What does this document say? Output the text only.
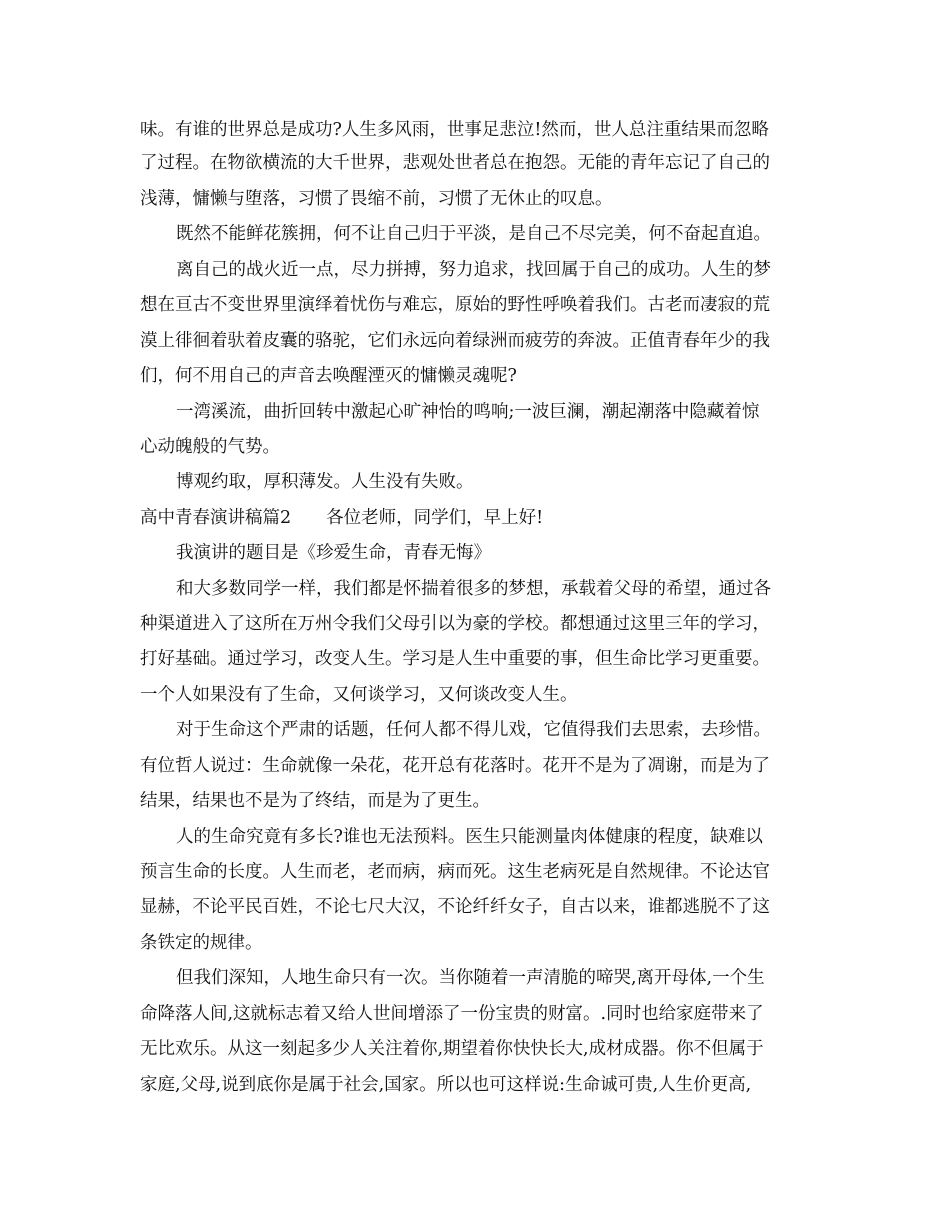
味。有谁的世界总是成功?人生多风雨，世事足悲泣!然而，世人总注重结果而忽略
了过程。在物欲横流的大千世界，悲观处世者总在抱怨。无能的青年忘记了自己的
浅薄，慵懒与堕落，习惯了畏缩不前，习惯了无休止的叹息。
既然不能鲜花簇拥，何不让自己归于平淡，是自己不尽完美，何不奋起直追。
离自己的战火近一点，尽力拼搏，努力追求，找回属于自己的成功。人生的梦
想在亘古不变世界里演绎着忧伤与难忘，原始的野性呼唤着我们。古老而凄寂的荒
漠上徘徊着驮着皮囊的骆驼，它们永远向着绿洲而疲劳的奔波。正值青春年少的我
们，何不用自己的声音去唤醒湮灭的慵懒灵魂呢?
一湾溪流，曲折回转中激起心旷神怡的鸣响;一波巨澜，潮起潮落中隐藏着惊
心动魄般的气势。
博观约取，厚积薄发。人生没有失败。
高中青春演讲稿篇2　　各位老师，同学们，早上好!
我演讲的题目是《珍爱生命，青春无悔》
和大多数同学一样，我们都是怀揣着很多的梦想，承载着父母的希望，通过各
种渠道进入了这所在万州令我们父母引以为豪的学校。都想通过这里三年的学习，
打好基础。通过学习，改变人生。学习是人生中重要的事，但生命比学习更重要。
一个人如果没有了生命，又何谈学习，又何谈改变人生。
对于生命这个严肃的话题，任何人都不得儿戏，它值得我们去思索，去珍惜。
有位哲人说过：生命就像一朵花，花开总有花落时。花开不是为了凋谢，而是为了
结果，结果也不是为了终结，而是为了更生。
人的生命究竟有多长?谁也无法预料。医生只能测量肉体健康的程度，缺难以
预言生命的长度。人生而老，老而病，病而死。这生老病死是自然规律。不论达官
显赫，不论平民百姓，不论七尺大汉，不论纤纤女子，自古以来，谁都逃脱不了这
条铁定的规律。
但我们深知，人地生命只有一次。当你随着一声清脆的啼哭,离开母体,一个生
命降落人间,这就标志着又给人世间增添了一份宝贵的财富。.同时也给家庭带来了
无比欢乐。从这一刻起多少人关注着你,期望着你快快长大,成材成器。你不但属于
家庭,父母,说到底你是属于社会,国家。所以也可这样说:生命诚可贵,人生价更高,
